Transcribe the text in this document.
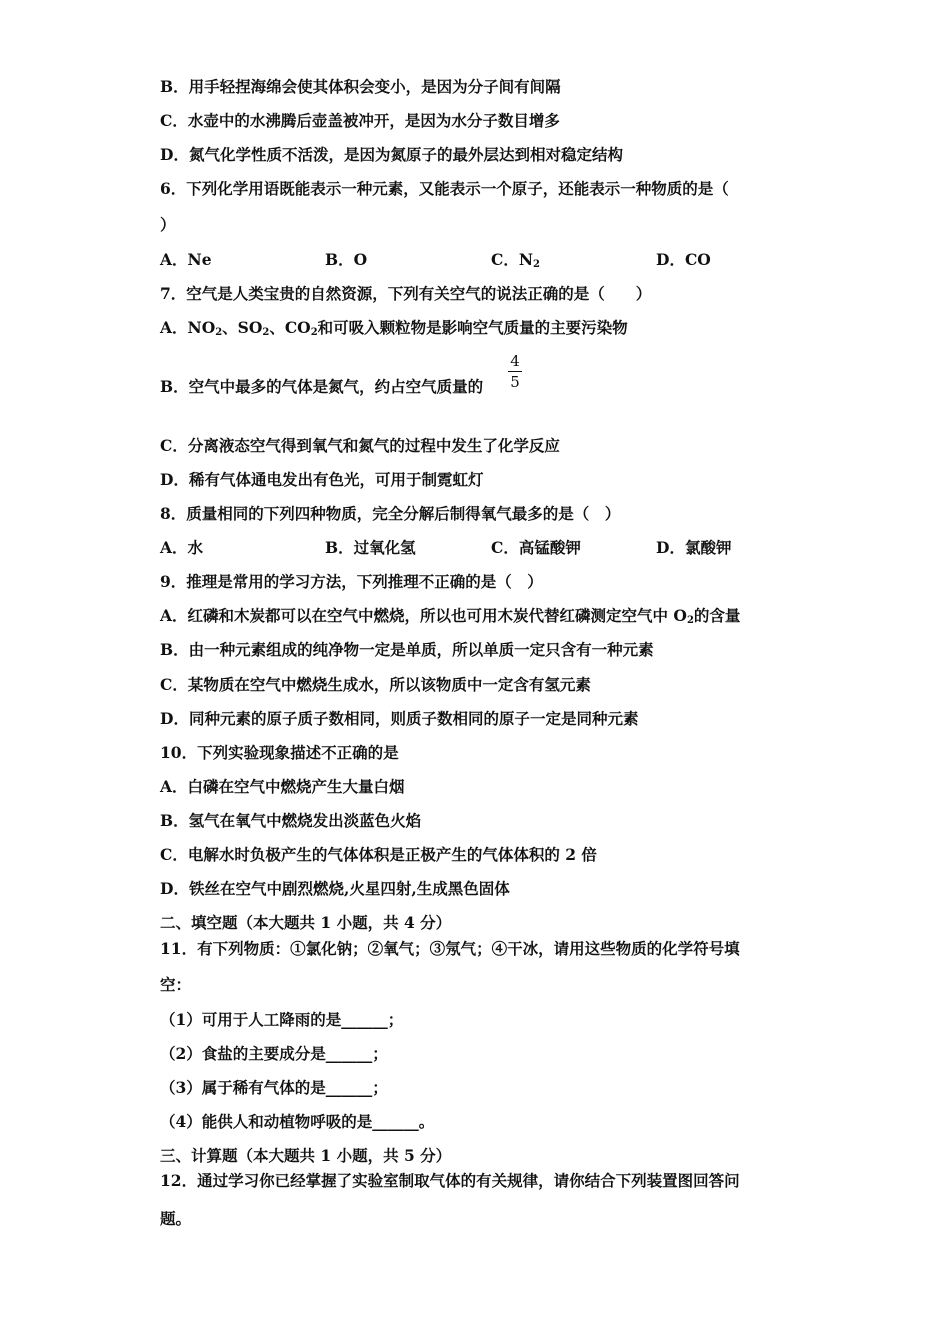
B．用手轻捏海绵会使其体积会变小，是因为分子间有间隔
C．水壶中的水沸腾后壶盖被冲开，是因为水分子数目增多
D．氮气化学性质不活泼，是因为氮原子的最外层达到相对稳定结构
6．下列化学用语既能表示一种元素，又能表示一个原子，还能表示一种物质的是（
）
A．Ne	B．O	C．$N_2$	D．CO
7．空气是人类宝贵的自然资源，下列有关空气的说法正确的是（　　）
A．$NO_2$、$SO_2$、$CO_2$和可吸入颗粒物是影响空气质量的主要污染物
B．空气中最多的气体是氮气，约占空气质量的
4
5
C．分离液态空气得到氧气和氮气的过程中发生了化学反应
D．稀有气体通电发出有色光，可用于制霓虹灯
8．质量相同的下列四种物质，完全分解后制得氧气最多的是（　）
A．水	B．过氧化氢	C．高锰酸钾	D．氯酸钾
9．推理是常用的学习方法，下列推理不正确的是（　）
A．红磷和木炭都可以在空气中燃烧，所以也可用木炭代替红磷测定空气中 $O_2$的含量
B．由一种元素组成的纯净物一定是单质，所以单质一定只含有一种元素
C．某物质在空气中燃烧生成水，所以该物质中一定含有氢元素
D．同种元素的原子质子数相同，则质子数相同的原子一定是同种元素
10．下列实验现象描述不正确的是
A．白磷在空气中燃烧产生大量白烟
B．氢气在氧气中燃烧发出淡蓝色火焰
C．电解水时负极产生的气体体积是正极产生的气体体积的 2 倍
D．铁丝在空气中剧烈燃烧,火星四射,生成黑色固体
二、填空题（本大题共 1 小题，共 4 分）
11．有下列物质：①氯化钠；②氧气；③氖气；④干冰，请用这些物质的化学符号填
空：
（1）可用于人工降雨的是______；
（2）食盐的主要成分是______；
（3）属于稀有气体的是______；
（4）能供人和动植物呼吸的是______。
三、计算题（本大题共 1 小题，共 5 分）
12．通过学习你已经掌握了实验室制取气体的有关规律，请你结合下列装置图回答问
题。
